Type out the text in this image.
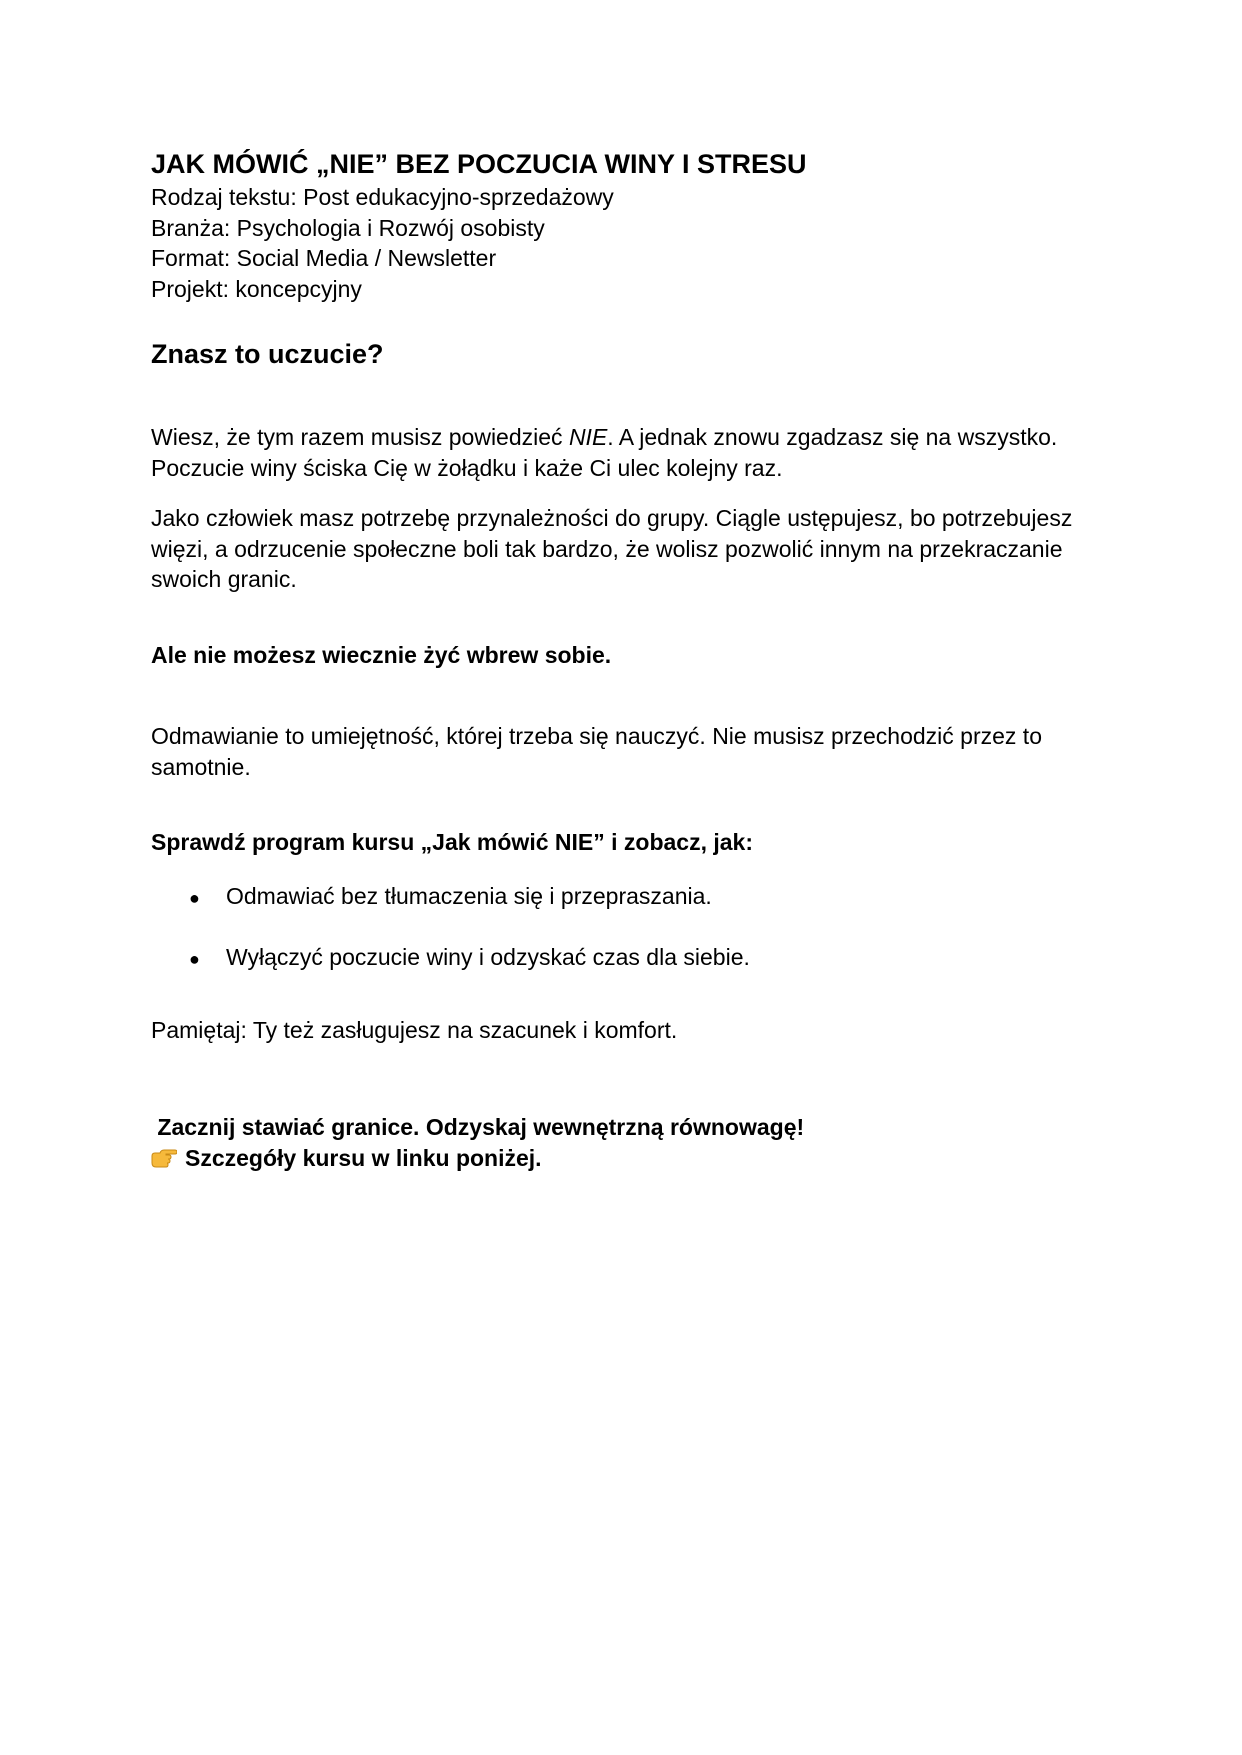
JAK MÓWIĆ „NIE” BEZ POCZUCIA WINY I STRESU

Rodzaj tekstu: Post edukacyjno-sprzedażowy

Branża: Psychologia i Rozwój osobisty

Format: Social Media / Newsletter

Projekt: koncepcyjny

Znasz to uczucie?

Wiesz, że tym razem musisz powiedzieć NIE. A jednak znowu zgadzasz się na wszystko. Poczucie winy ściska Cię w żołądku i każe Ci ulec kolejny raz.

Jako człowiek masz potrzebę przynależności do grupy. Ciągle ustępujesz, bo potrzebujesz więzi, a odrzucenie społeczne boli tak bardzo, że wolisz pozwolić innym na przekraczanie swoich granic.

Ale nie możesz wiecznie żyć wbrew sobie.

Odmawianie to umiejętność, której trzeba się nauczyć. Nie musisz przechodzić przez to samotnie.

Sprawdź program kursu „Jak mówić NIE” i zobacz, jak:

● Odmawiać bez tłumaczenia się i przepraszania.
● Wyłączyć poczucie winy i odzyskać czas dla siebie.

Pamiętaj: Ty też zasługujesz na szacunek i komfort.

Zacznij stawiać granice. Odzyskaj wewnętrzną równowagę!

Szczegóły kursu w linku poniżej.
